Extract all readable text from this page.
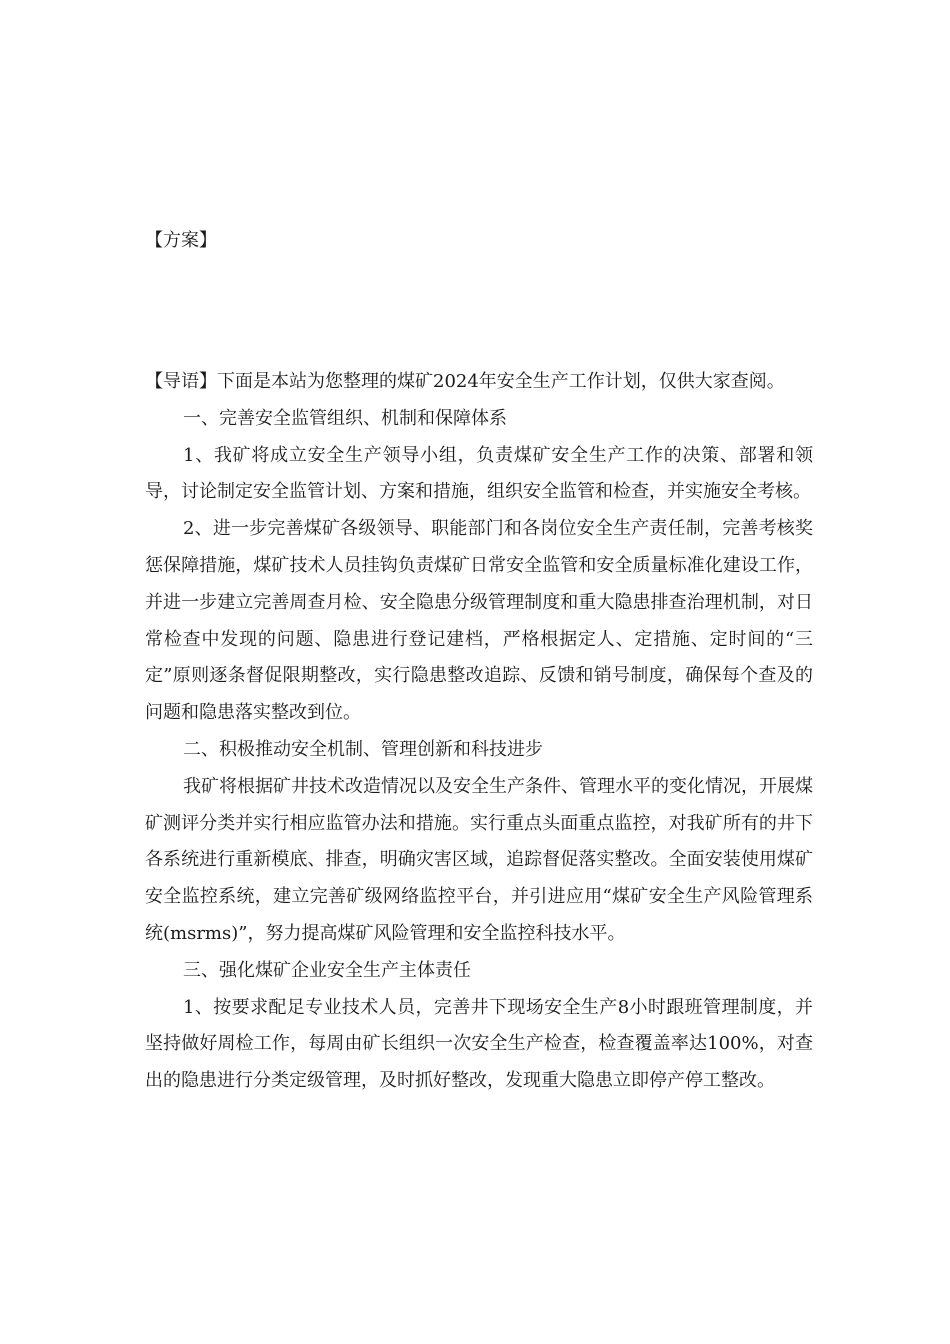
【方案】

【导语】下面是本站为您整理的煤矿2024年安全生产工作计划，仅供大家查阅。

一、完善安全监管组织、机制和保障体系

1、我矿将成立安全生产领导小组，负责煤矿安全生产工作的决策、部署和领导，讨论制定安全监管计划、方案和措施，组织安全监管和检查，并实施安全考核。

2、进一步完善煤矿各级领导、职能部门和各岗位安全生产责任制，完善考核奖惩保障措施，煤矿技术人员挂钩负责煤矿日常安全监管和安全质量标准化建设工作，并进一步建立完善周查月检、安全隐患分级管理制度和重大隐患排查治理机制，对日常检查中发现的问题、隐患进行登记建档，严格根据定人、定措施、定时间的“三定”原则逐条督促限期整改，实行隐患整改追踪、反馈和销号制度，确保每个查及的问题和隐患落实整改到位。

二、积极推动安全机制、管理创新和科技进步

我矿将根据矿井技术改造情况以及安全生产条件、管理水平的变化情况，开展煤矿测评分类并实行相应监管办法和措施。实行重点头面重点监控，对我矿所有的井下各系统进行重新模底、排查，明确灾害区域，追踪督促落实整改。全面安装使用煤矿安全监控系统，建立完善矿级网络监控平台，并引进应用“煤矿安全生产风险管理系统(msrms)”，努力提高煤矿风险管理和安全监控科技水平。

三、强化煤矿企业安全生产主体责任

1、按要求配足专业技术人员，完善井下现场安全生产8小时跟班管理制度，并坚持做好周检工作，每周由矿长组织一次安全生产检查，检查覆盖率达100%，对查出的隐患进行分类定级管理，及时抓好整改，发现重大隐患立即停产停工整改。
